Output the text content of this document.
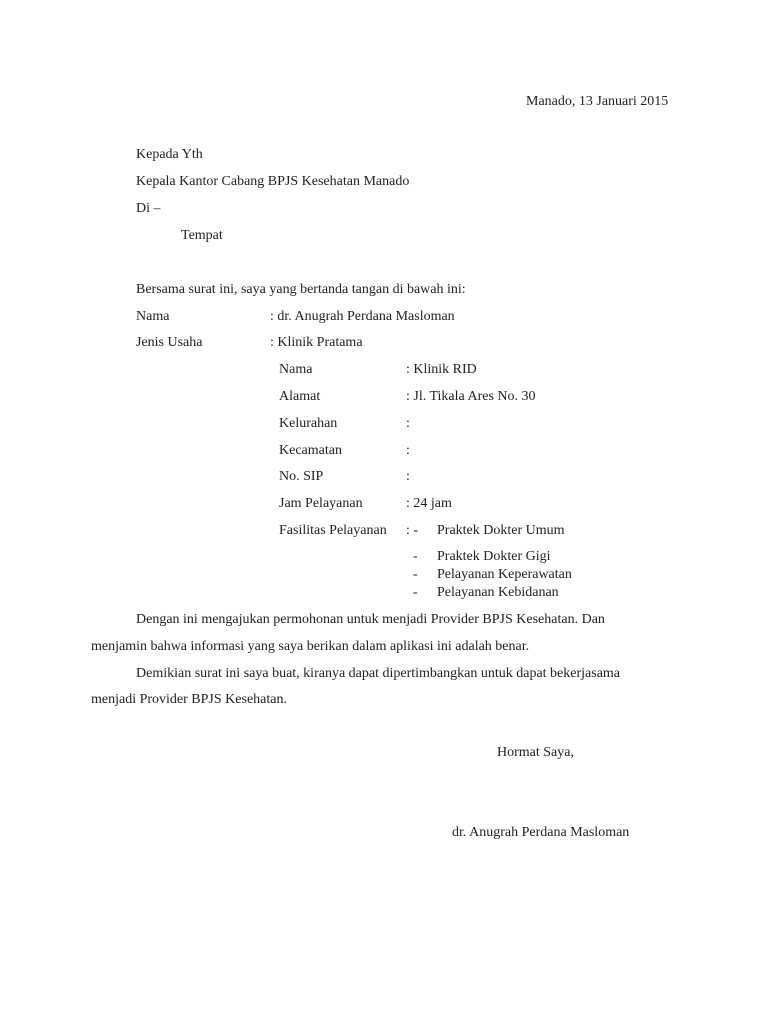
Manado, 13 Januari 2015
Kepada Yth
Kepala Kantor Cabang BPJS Kesehatan Manado
Di –
Tempat
Bersama surat ini, saya yang bertanda tangan di bawah ini:
Nama	: dr. Anugrah Perdana Masloman
Jenis Usaha	: Klinik Pratama
Nama	: Klinik RID
Alamat	: Jl. Tikala Ares No. 30
Kelurahan	:
Kecamatan	:
No. SIP	:
Jam Pelayanan	: 24 jam
Fasilitas Pelayanan : - Praktek Dokter Umum
- Praktek Dokter Gigi
- Pelayanan Keperawatan
- Pelayanan Kebidanan
Dengan ini mengajukan permohonan untuk menjadi Provider BPJS Kesehatan. Dan
menjamin bahwa informasi yang saya berikan dalam aplikasi ini adalah benar.
Demikian surat ini saya buat, kiranya dapat dipertimbangkan untuk dapat bekerjasama
menjadi Provider BPJS Kesehatan.
Hormat Saya,
dr. Anugrah Perdana Masloman
